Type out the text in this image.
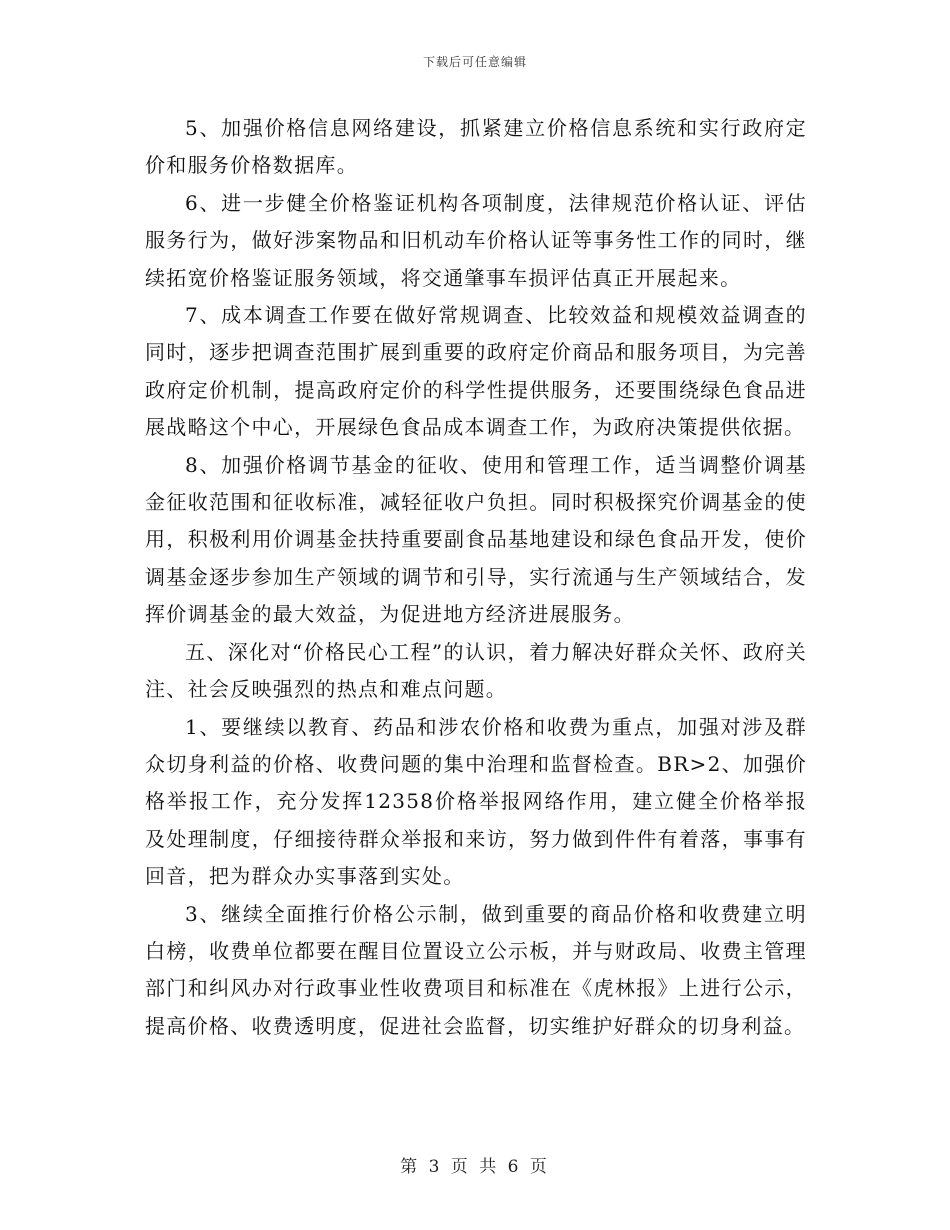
下载后可任意编辑

5、加强价格信息网络建设，抓紧建立价格信息系统和实行政府定价和服务价格数据库。

6、进一步健全价格鉴证机构各项制度，法律规范价格认证、评估服务行为，做好涉案物品和旧机动车价格认证等事务性工作的同时，继续拓宽价格鉴证服务领域，将交通肇事车损评估真正开展起来。

7、成本调查工作要在做好常规调查、比较效益和规模效益调查的同时，逐步把调查范围扩展到重要的政府定价商品和服务项目，为完善政府定价机制，提高政府定价的科学性提供服务，还要围绕绿色食品进展战略这个中心，开展绿色食品成本调查工作，为政府决策提供依据。

8、加强价格调节基金的征收、使用和管理工作，适当调整价调基金征收范围和征收标准，减轻征收户负担。同时积极探究价调基金的使用，积极利用价调基金扶持重要副食品基地建设和绿色食品开发，使价调基金逐步参加生产领域的调节和引导，实行流通与生产领域结合，发挥价调基金的最大效益，为促进地方经济进展服务。

五、深化对“价格民心工程”的认识，着力解决好群众关怀、政府关注、社会反映强烈的热点和难点问题。

1、要继续以教育、药品和涉农价格和收费为重点，加强对涉及群众切身利益的价格、收费问题的集中治理和监督检查。BR>2、加强价格举报工作，充分发挥12358价格举报网络作用，建立健全价格举报及处理制度，仔细接待群众举报和来访，努力做到件件有着落，事事有回音，把为群众办实事落到实处。

3、继续全面推行价格公示制，做到重要的商品价格和收费建立明白榜，收费单位都要在醒目位置设立公示板，并与财政局、收费主管理部门和纠风办对行政事业性收费项目和标准在《虎林报》上进行公示，提高价格、收费透明度，促进社会监督，切实维护好群众的切身利益。

第 3 页 共 6 页
